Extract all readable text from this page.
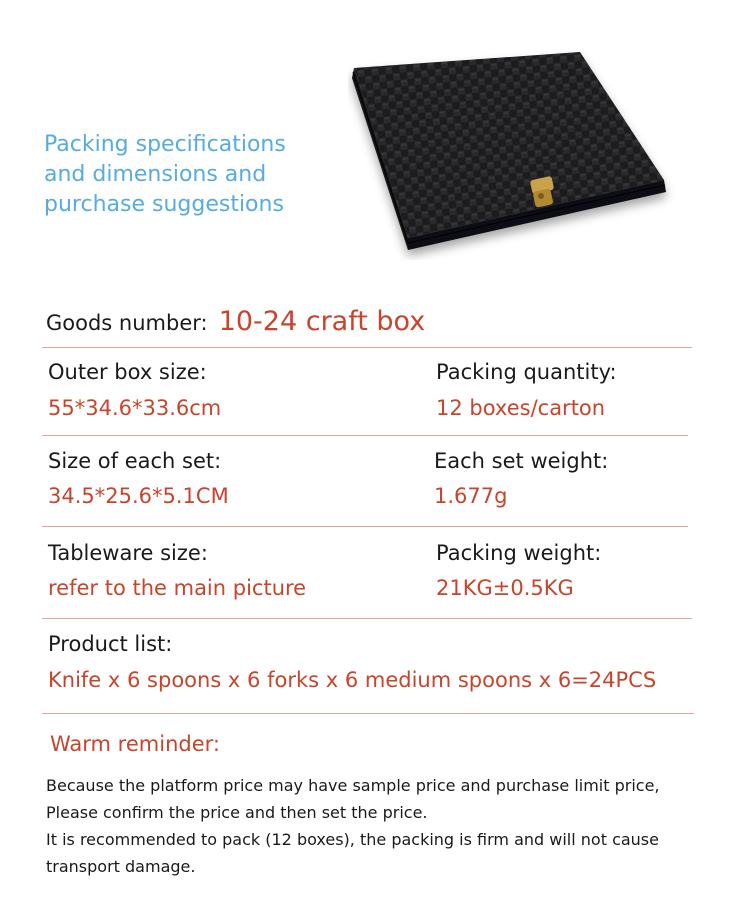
Packing specifications
and dimensions and
purchase suggestions
Goods number: 10-24 craft box
Outer box size:
55*34.6*33.6cm
Packing quantity:
12 boxes/carton
Size of each set:
34.5*25.6*5.1CM
Each set weight:
1.677g
Tableware size:
refer to the main picture
Packing weight:
21KG±0.5KG
Product list:
Knife x 6 spoons x 6 forks x 6 medium spoons x 6=24PCS
Warm reminder:
Because the platform price may have sample price and purchase limit price,
Please confirm the price and then set the price.
It is recommended to pack (12 boxes), the packing is firm and will not cause
transport damage.
